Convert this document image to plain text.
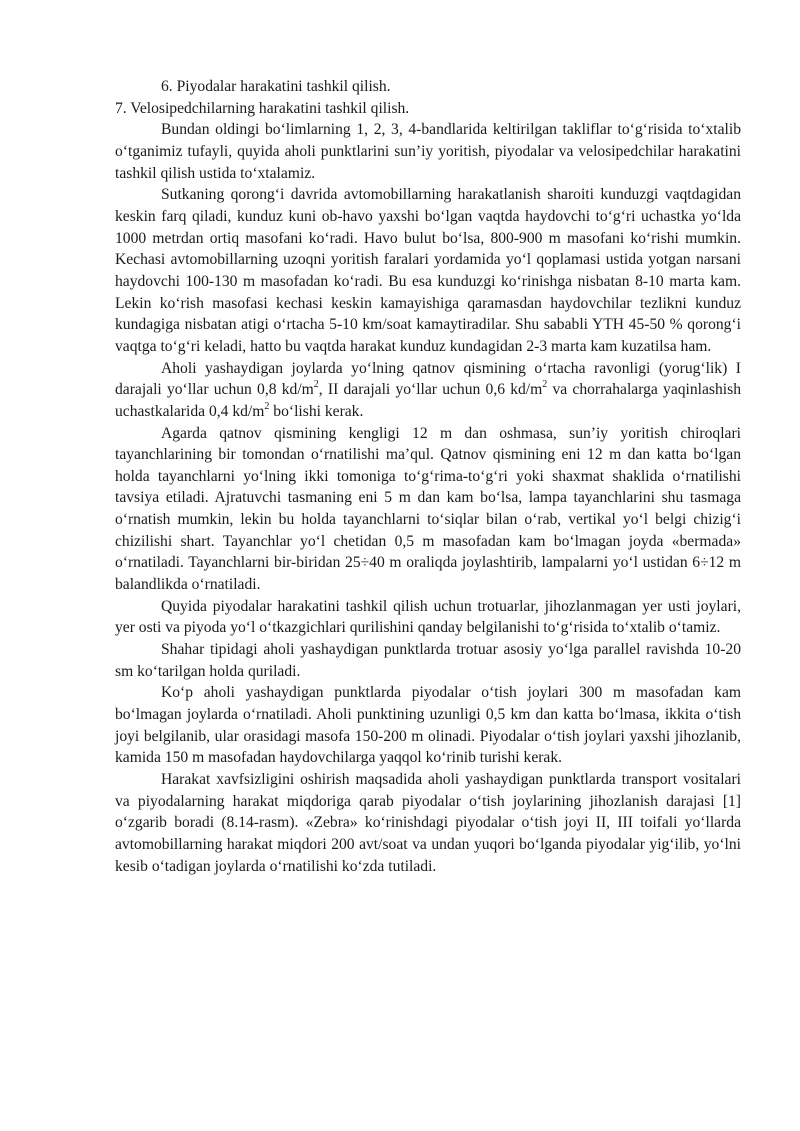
6. Piyodalar harakatini tashkil qilish.

7. Velosipedchilarning harakatini tashkil qilish.

Bundan oldingi bo‘limlarning 1, 2, 3, 4-bandlarida keltirilgan takliflar to‘g‘risida to‘xtalib o‘tganimiz tufayli, quyida aholi punktlarini sun’iy yoritish, piyodalar va velosipedchilar harakatini tashkil qilish ustida to‘xtalamiz.

Sutkaning qorong‘i davrida avtomobillarning harakatlanish sharoiti kunduzgi vaqtdagidan keskin farq qiladi, kunduz kuni ob-havo yaxshi bo‘lgan vaqtda haydovchi to‘g‘ri uchastka yo‘lda 1000 metrdan ortiq masofani ko‘radi. Havo bulut bo‘lsa, 800-900 m masofani ko‘rishi mumkin. Kechasi avtomobillarning uzoqni yoritish faralari yordamida yo‘l qoplamasi ustida yotgan narsani haydovchi 100-130 m masofadan ko‘radi. Bu esa kunduzgi ko‘rinishga nisbatan 8-10 marta kam. Lekin ko‘rish masofasi kechasi keskin kamayishiga qaramasdan haydovchilar tezlikni kunduz kundagiga nisbatan atigi o‘rtacha 5-10 km/soat kamaytiradilar. Shu sababli YTH 45-50 % qorong‘i vaqtga to‘g‘ri keladi, hatto bu vaqtda harakat kunduz kundagidan 2-3 marta kam kuzatilsa ham.

Aholi yashaydigan joylarda yo‘lning qatnov qismining o‘rtacha ravonligi (yorug‘lik) I darajali yo‘llar uchun 0,8 $kd/m^2$, II darajali yo‘llar uchun 0,6 $kd/m^2$ va chorrahalarga yaqinlashish uchastkalarida 0,4 $kd/m^2$ bo‘lishi kerak.

Agarda qatnov qismining kengligi 12 m dan oshmasa, sun’iy yoritish chiroqlari tayanchlarining bir tomondan o‘rnatilishi ma’qul. Qatnov qismining eni 12 m dan katta bo‘lgan holda tayanchlarni yo‘lning ikki tomoniga to‘g‘rima-to‘g‘ri yoki shaxmat shaklida o‘rnatilishi tavsiya etiladi. Ajratuvchi tasmaning eni 5 m dan kam bo‘lsa, lampa tayanchlarini shu tasmaga o‘rnatish mumkin, lekin bu holda tayanchlarni to‘siqlar bilan o‘rab, vertikal yo‘l belgi chizig‘i chizilishi shart. Tayanchlar yo‘l chetidan 0,5 m masofadan kam bo‘lmagan joyda «bermada» o‘rnatiladi. Tayanchlarni bir-biridan 25÷40 m oraliqda joylashtirib, lampalarni yo‘l ustidan 6÷12 m balandlikda o‘rnatiladi.

Quyida piyodalar harakatini tashkil qilish uchun trotuarlar, jihozlanmagan yer usti joylari, yer osti va piyoda yo‘l o‘tkazgichlari qurilishini qanday belgilanishi to‘g‘risida to‘xtalib o‘tamiz.

Shahar tipidagi aholi yashaydigan punktlarda trotuar asosiy yo‘lga parallel ravishda 10-20 sm ko‘tarilgan holda quriladi.

Ko‘p aholi yashaydigan punktlarda piyodalar o‘tish joylari 300 m masofadan kam bo‘lmagan joylarda o‘rnatiladi. Aholi punktining uzunligi 0,5 km dan katta bo‘lmasa, ikkita o‘tish joyi belgilanib, ular orasidagi masofa 150-200 m olinadi. Piyodalar o‘tish joylari yaxshi jihozlanib, kamida 150 m masofadan haydovchilarga yaqqol ko‘rinib turishi kerak.

Harakat xavfsizligini oshirish maqsadida aholi yashaydigan punktlarda transport vositalari va piyodalarning harakat miqdoriga qarab piyodalar o‘tish joylarining jihozlanish darajasi [1] o‘zgarib boradi (8.14-rasm). «Zebra» ko‘rinishdagi piyodalar o‘tish joyi II, III toifali yo‘llarda avtomobillarning harakat miqdori 200 avt/soat va undan yuqori bo‘lganda piyodalar yig‘ilib, yo‘lni kesib o‘tadigan joylarda o‘rnatilishi ko‘zda tutiladi.
